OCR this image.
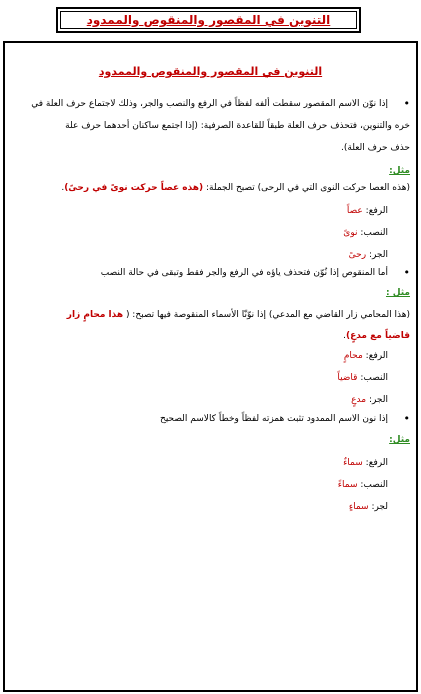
التنوين في المقصور والمنقوص والممدود
التنوين في المقصور والمنقوص والممدود
• إذا نوّن الاسم المقصور سقطت ألفه لفظاً في الرفع والنصب والجر، وذلك لاجتماع حرف العلة في
خره والتنوين، فتحذف حرف العلة طبقاً للقاعدة الصرفية: (إذا اجتمع ساكنان أحدهما حرف علة
حذف حرف العلة).
مثل:
(هذه العصا حركت النوى التي في الرحى) تصبح الجملة: (هذه عصاً حركت نوىً في رحىً).
الرفع: عصاً
النصب: نوىً
الجر: رحىً
• أما المنقوص إذا نُوّن فتحذف ياؤه في الرفع والجر فقط وتبقى في حالة النصب
مثل :
(هذا المحامي زار القاضي مع المدعي) إذا نوّنّا الأسماء المنقوصة فيها تصبح: ( هذا محامٍ زار
قاضياً مع مدعٍ).
الرفع: محامٍ
النصب: قاضياً
الجر: مدعٍ
• إذا نون الاسم الممدود تثبت همزته لفظاً وخطاً كالاسم الصحيح
مثل:
الرفع: سماءٌ
النصب: سماءً
لجر: سماءٍ
